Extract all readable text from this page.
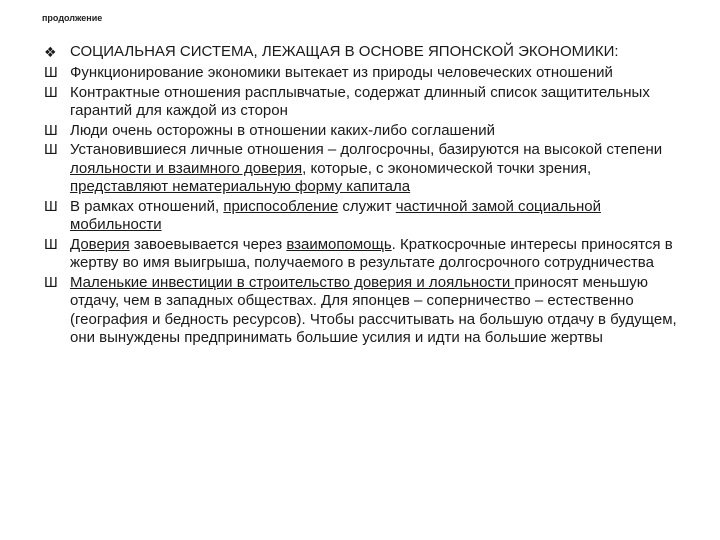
продолжение
❖ СОЦИАЛЬНАЯ СИСТЕМА, ЛЕЖАЩАЯ В ОСНОВЕ ЯПОНСКОЙ ЭКОНОМИКИ:
Ш Функционирование экономики вытекает из природы человеческих отношений
Ш Контрактные отношения расплывчатые, содержат длинный список защитительных гарантий для каждой из сторон
Ш Люди очень осторожны в отношении каких-либо соглашений
Ш Установившиеся личные отношения – долгосрочны, базируются на высокой степени лояльности и взаимного доверия, которые, с экономической точки зрения, представляют нематериальную форму капитала
Ш В рамках отношений, приспособление служит частичной замой социальной мобильности
Ш Доверия завоевывается через взаимопомощь. Краткосрочные интересы приносятся в жертву во имя выигрыша, получаемого в результате долгосрочного сотрудничества
Ш Маленькие инвестиции в строительство доверия и лояльности приносят меньшую отдачу, чем в западных обществах. Для японцев – соперничество – естественно (география и бедность ресурсов). Чтобы рассчитывать на большую отдачу в будущем, они вынуждены предпринимать большие усилия и идти на большие жертвы
